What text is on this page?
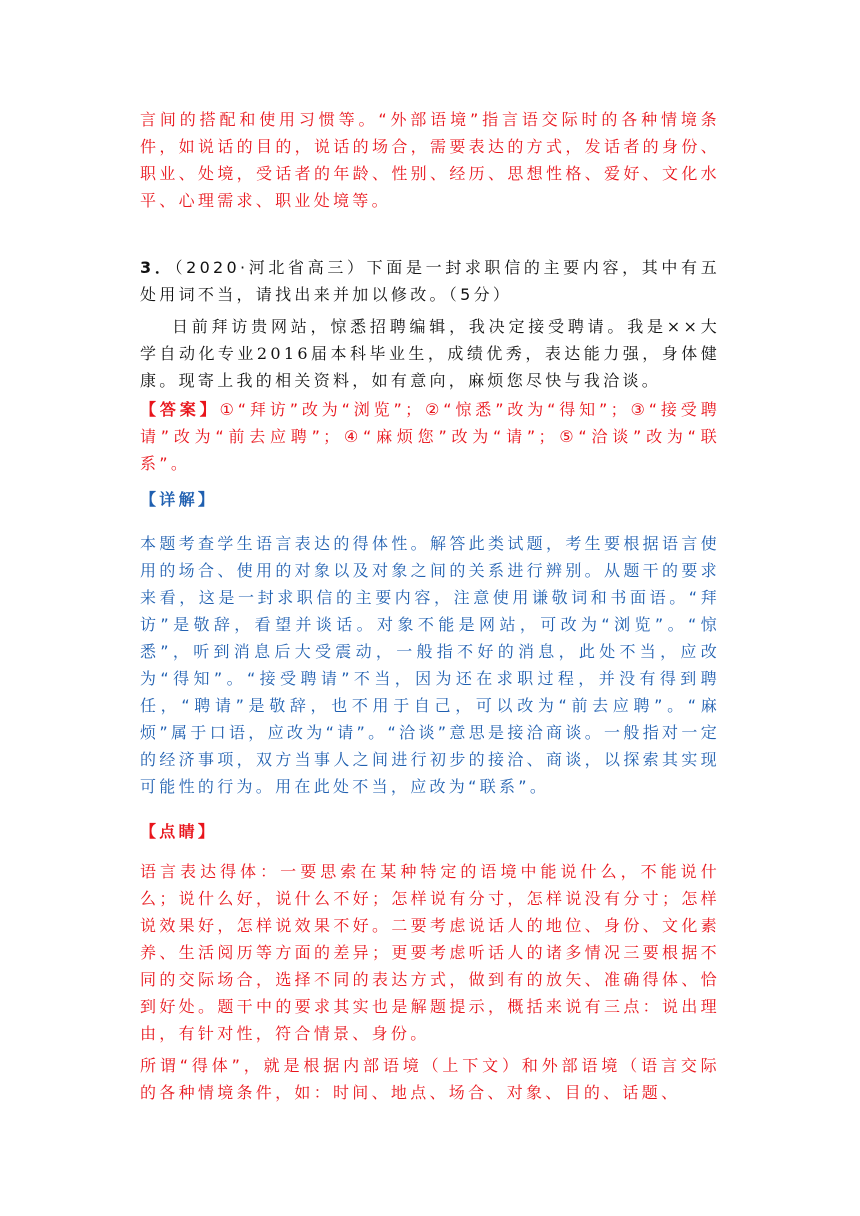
言间的搭配和使用习惯等。“外部语境”指言语交际时的各种情境条件，如说话的目的，说话的场合，需要表达的方式，发话者的身份、职业、处境，受话者的年龄、性别、经历、思想性格、爱好、文化水平、心理需求、职业处境等。

3．（2020·河北省高三）下面是一封求职信的主要内容，其中有五处用词不当，请找出来并加以修改。（5分）

日前拜访贵网站，惊悉招聘编辑，我决定接受聘请。我是××大学自动化专业2016届本科毕业生，成绩优秀，表达能力强，身体健康。现寄上我的相关资料，如有意向，麻烦您尽快与我洽谈。

【答案】①“拜访”改为“浏览”；②“惊悉”改为“得知”；③“接受聘请”改为“前去应聘”；④“麻烦您”改为“请”；⑤“洽谈”改为“联系”。

【详解】

本题考查学生语言表达的得体性。解答此类试题，考生要根据语言使用的场合、使用的对象以及对象之间的关系进行辨别。从题干的要求来看，这是一封求职信的主要内容，注意使用谦敬词和书面语。“拜访”是敬辞，看望并谈话。对象不能是网站，可改为“浏览”。“惊悉”，听到消息后大受震动，一般指不好的消息，此处不当，应改为“得知”。“接受聘请”不当，因为还在求职过程，并没有得到聘任，“聘请”是敬辞，也不用于自己，可以改为“前去应聘”。“麻烦”属于口语，应改为“请”。“洽谈”意思是接洽商谈。一般指对一定的经济事项，双方当事人之间进行初步的接洽、商谈，以探索其实现可能性的行为。用在此处不当，应改为“联系”。

【点睛】

语言表达得体：一要思索在某种特定的语境中能说什么，不能说什么；说什么好，说什么不好；怎样说有分寸，怎样说没有分寸；怎样说效果好，怎样说效果不好。二要考虑说话人的地位、身份、文化素养、生活阅历等方面的差异；更要考虑听话人的诸多情况三要根据不同的交际场合，选择不同的表达方式，做到有的放矢、准确得体、恰到好处。题干中的要求其实也是解题提示，概括来说有三点：说出理由，有针对性，符合情景、身份。

所谓“得体”，就是根据内部语境（上下文）和外部语境（语言交际的各种情境条件，如：时间、地点、场合、对象、目的、话题、
